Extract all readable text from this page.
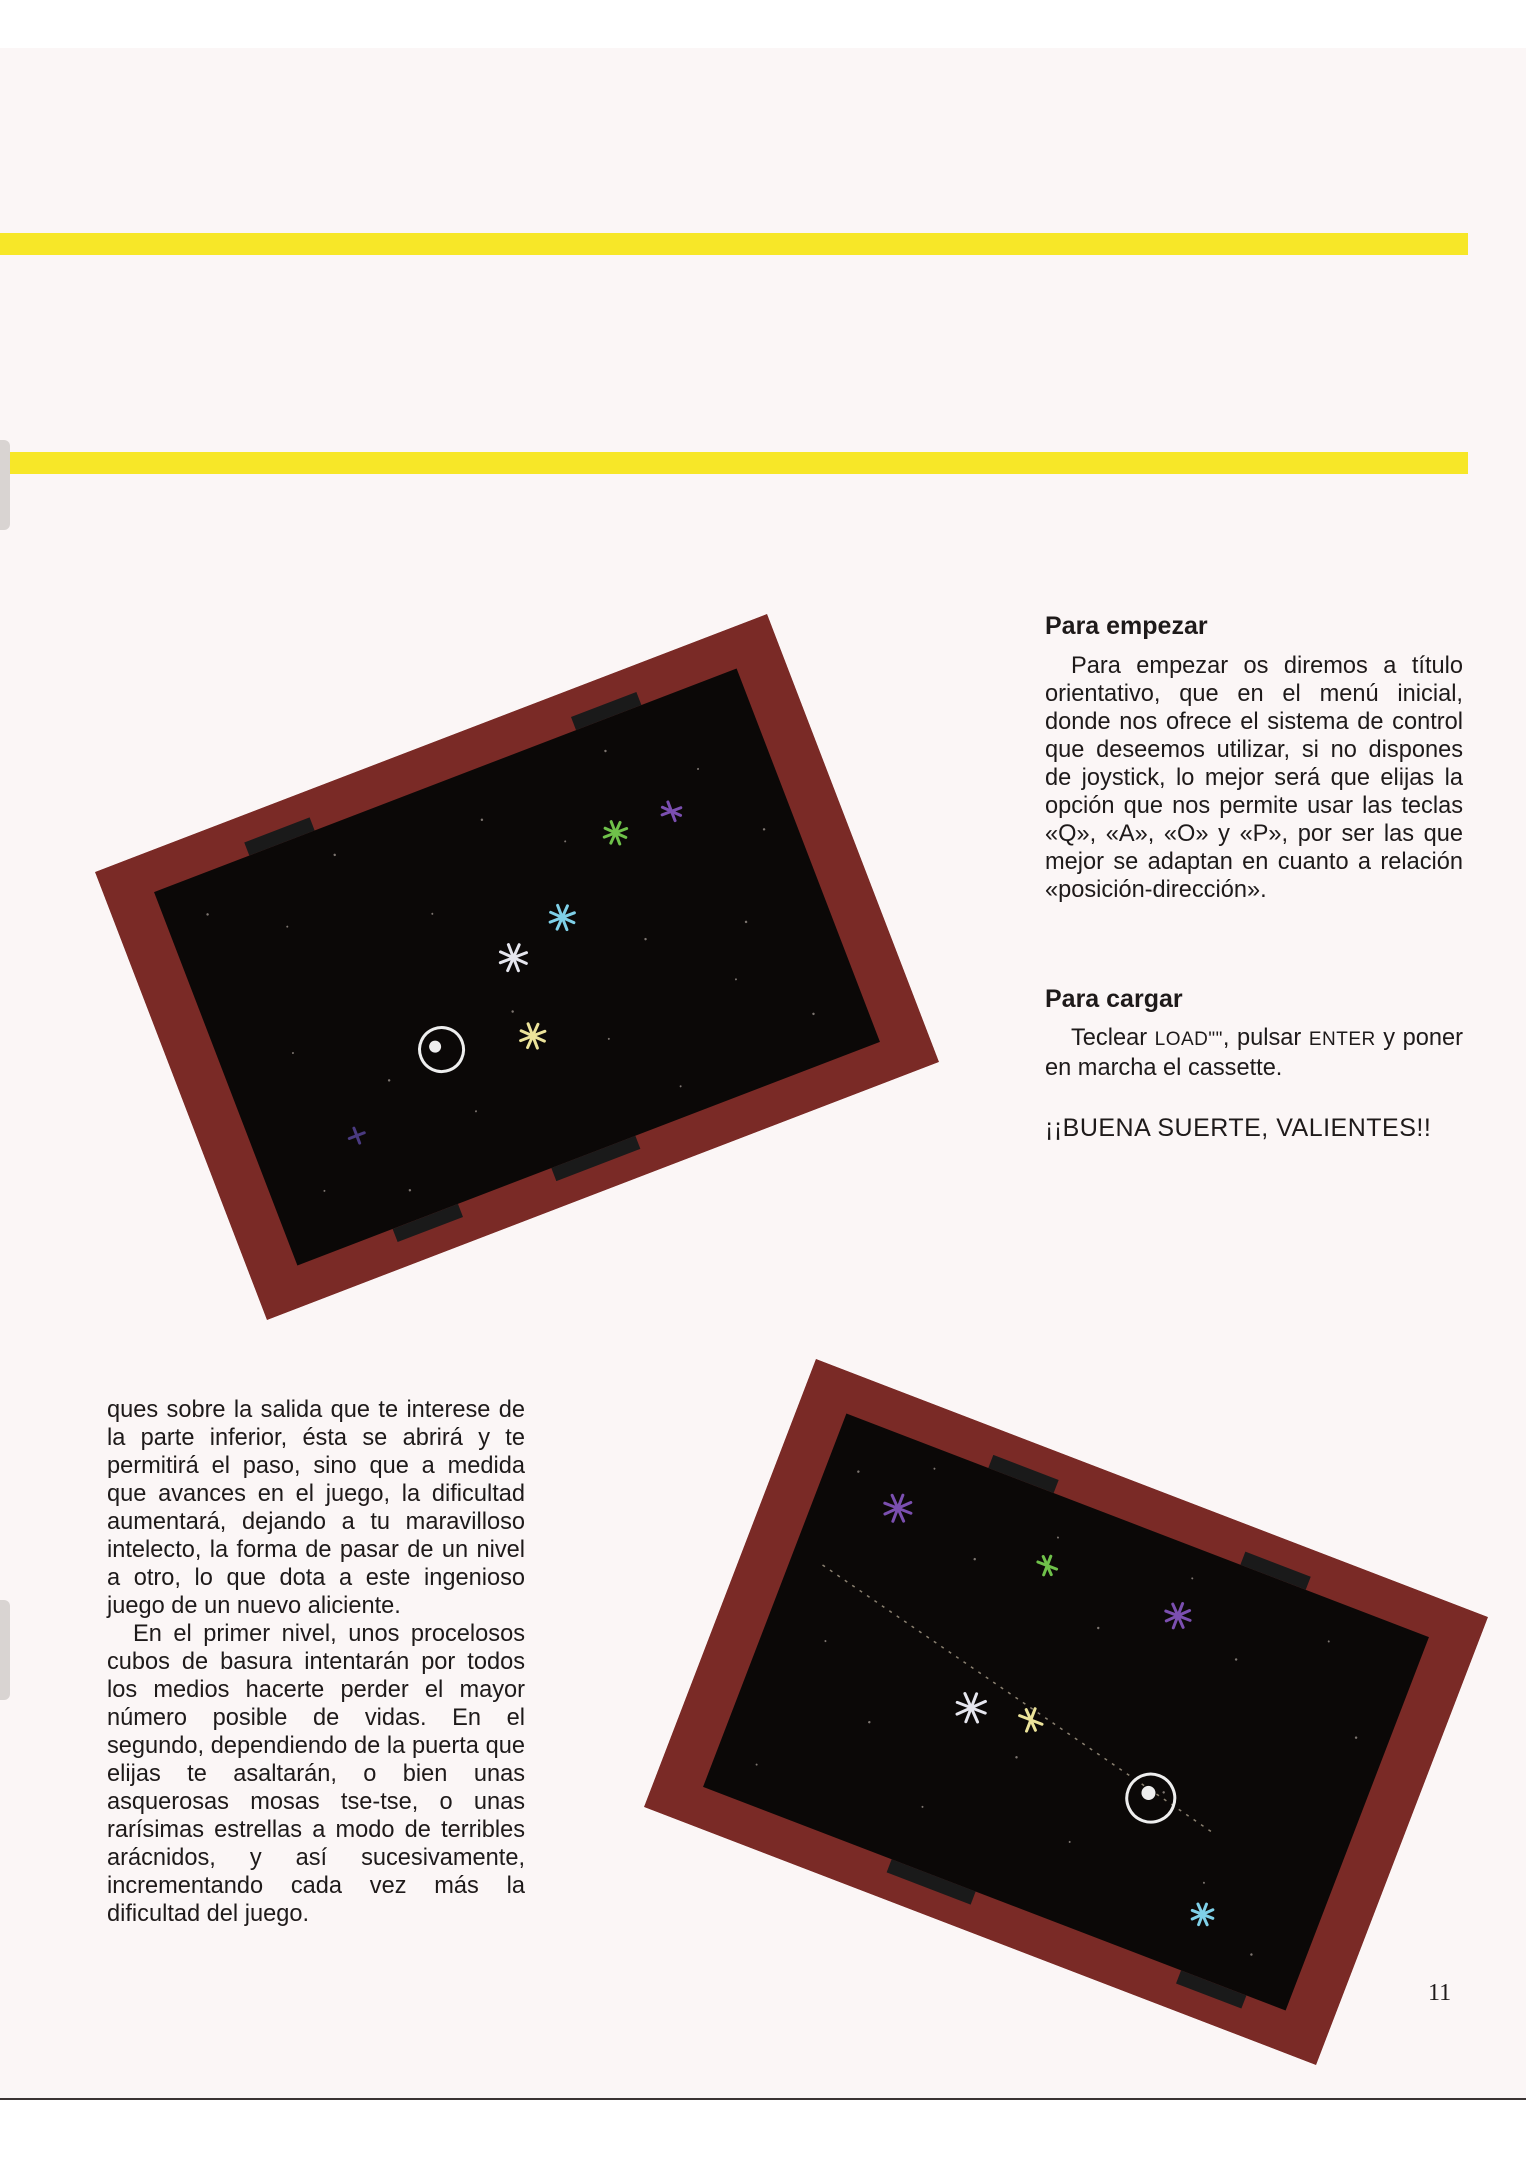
Para empezar

Para empezar os diremos a título orientativo, que en el menú inicial, donde nos ofrece el sistema de control que deseemos utilizar, si no dispones de joystick, lo mejor será que elijas la opción que nos permite usar las teclas «Q», «A», «O» y «P», por ser las que mejor se adaptan en cuanto a relación «posición-dirección».

Para cargar

Teclear LOAD"", pulsar ENTER y poner en marcha el cassette.

¡¡BUENA SUERTE, VALIENTES!!

ques sobre la salida que te interese de la parte inferior, ésta se abrirá y te permitirá el paso, sino que a medida que avances en el juego, la dificultad aumentará, dejando a tu maravilloso intelecto, la forma de pasar de un nivel a otro, lo que dota a este ingenioso juego de un nuevo aliciente.

En el primer nivel, unos procelosos cubos de basura intentarán por todos los medios hacerte perder el mayor número posible de vidas. En el segundo, dependiendo de la puerta que elijas te asaltarán, o bien unas asquerosas mosas tse-tse, o unas rarísimas estrellas a modo de terribles arácnidos, y así sucesivamente, incrementando cada vez más la dificultad del juego.

11
